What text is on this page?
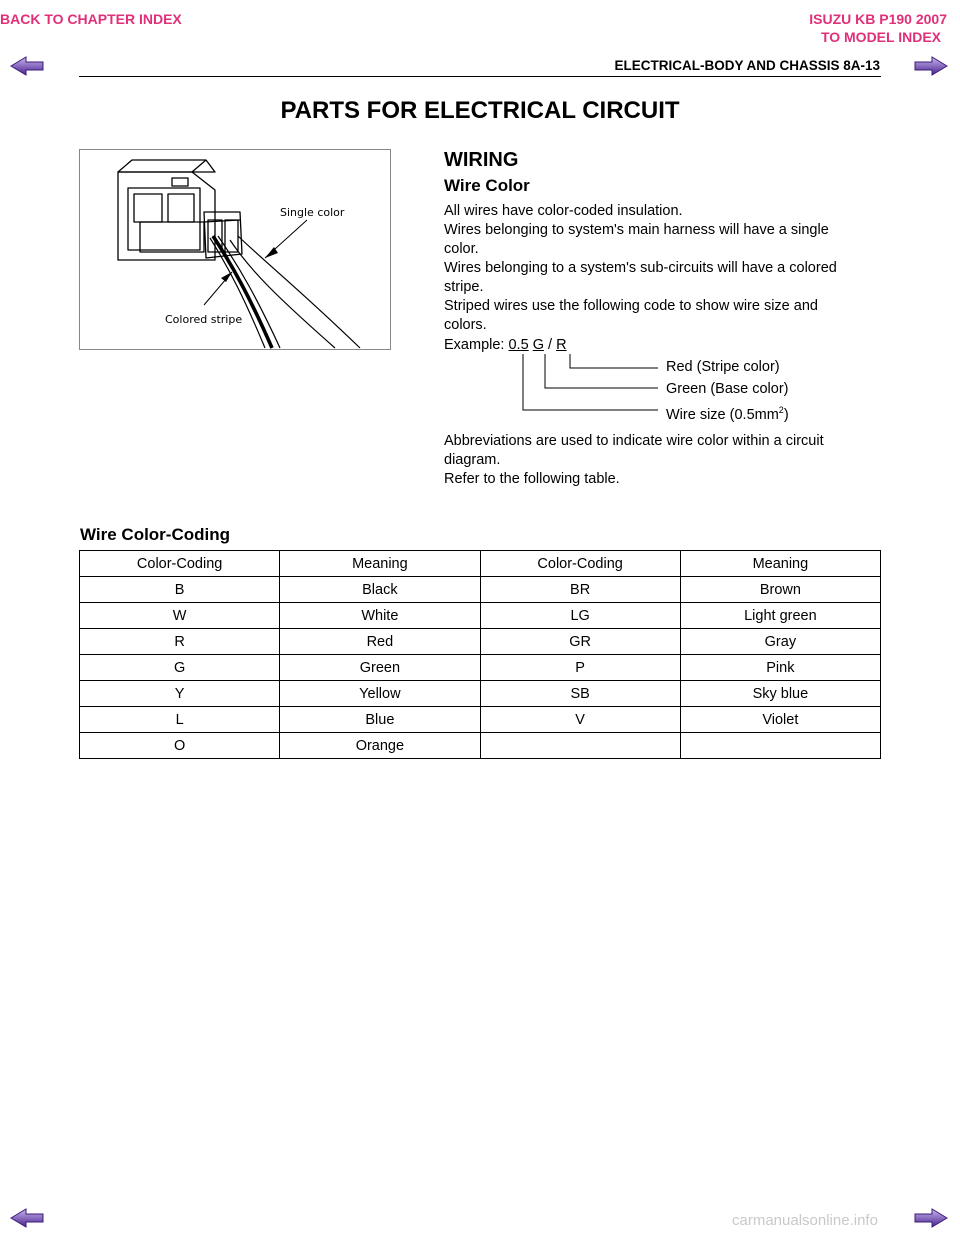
BACK TO CHAPTER INDEX	ISUZU KB P190 2007
TO MODEL INDEX
ELECTRICAL-BODY AND CHASSIS 8A-13
PARTS FOR ELECTRICAL CIRCUIT
Single color
Colored stripe
WIRING
Wire Color
All wires have color-coded insulation.
Wires belonging to system's main harness will have a single
color.
Wires belonging to a system's sub-circuits will have a colored
stripe.
Striped wires use the following code to show wire size and
colors.
Example: 0.5 G / R
Red (Stripe color)
Green (Base color)
Wire size $(0.5mm^2)$
Abbreviations are used to indicate wire color within a circuit
diagram.
Refer to the following table.
Wire Color-Coding
Color-Coding	Meaning	Color-Coding	Meaning
B	Black	BR	Brown
W	White	LG	Light green
R	Red	GR	Gray
G	Green	P	Pink
Y	Yellow	SB	Sky blue
L	Blue	V	Violet
O	Orange		
carmanualsonline.info
